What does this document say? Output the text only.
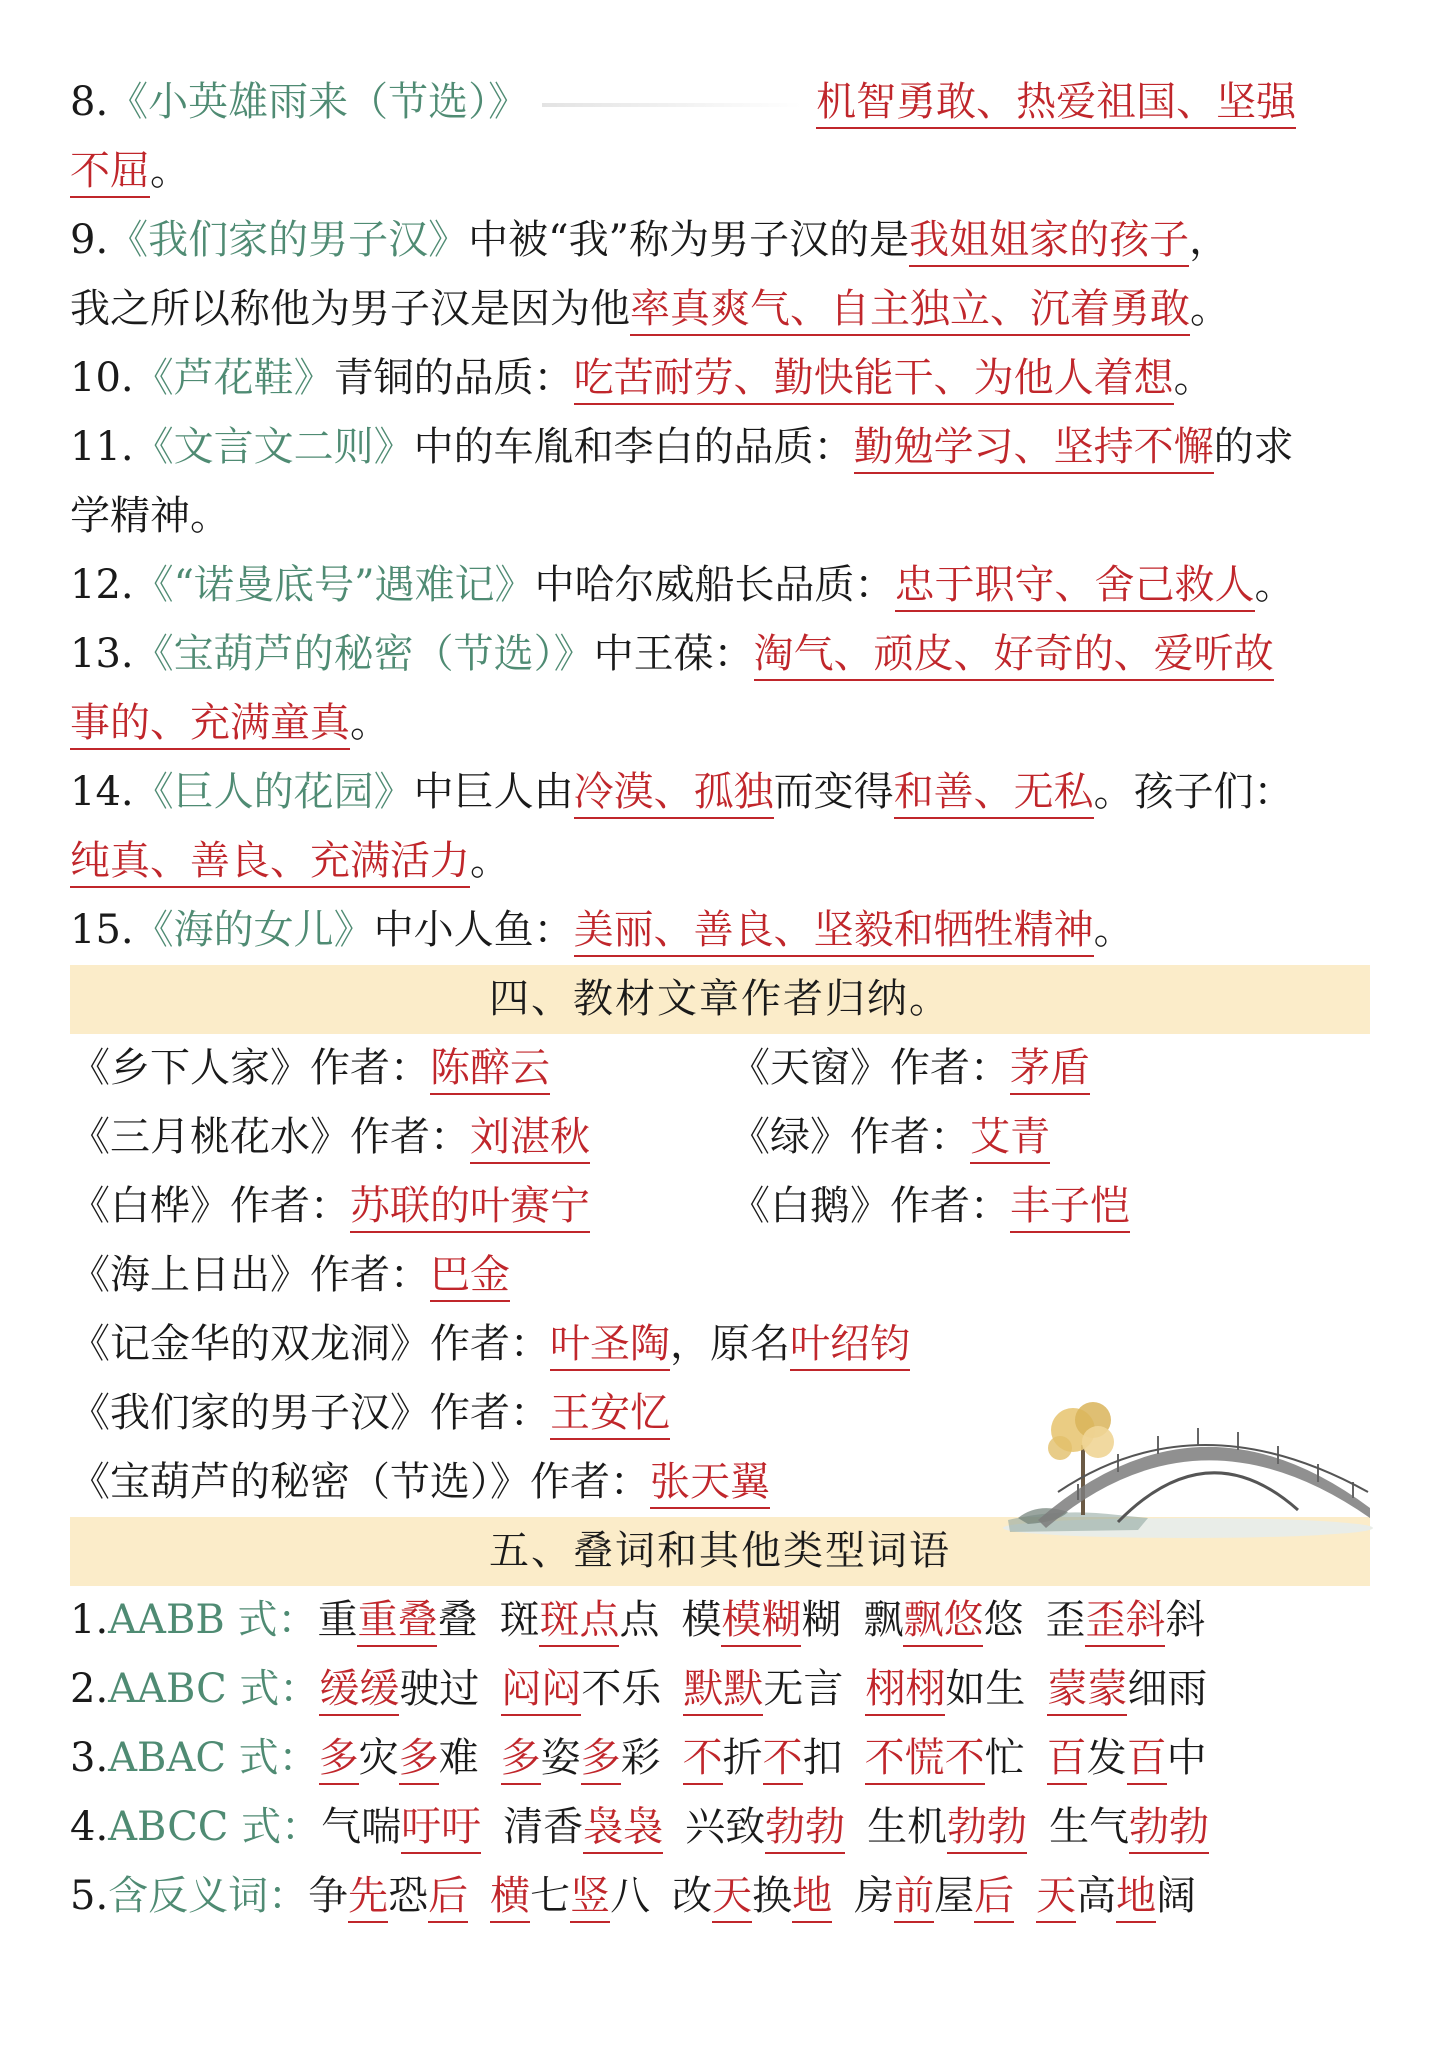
8.《小英雄雨来（节选）》	机智勇敢、热爱祖国、坚强
不屈。
9.《我们家的男子汉》中被“我”称为男子汉的是我姐姐家的孩子，
我之所以称他为男子汉是因为他率真爽气、自主独立、沉着勇敢。
10.《芦花鞋》青铜的品质：吃苦耐劳、勤快能干、为他人着想。
11.《文言文二则》中的车胤和李白的品质：勤勉学习、坚持不懈的求
学精神。
12.《“诺曼底号”遇难记》中哈尔威船长品质：忠于职守、舍己救人。
13.《宝葫芦的秘密（节选）》中王葆：淘气、顽皮、好奇的、爱听故
事的、充满童真。
14.《巨人的花园》中巨人由冷漠、孤独而变得和善、无私。孩子们：
纯真、善良、充满活力。
15.《海的女儿》中小人鱼：美丽、善良、坚毅和牺牲精神。
四、教材文章作者归纳。
《乡下人家》作者：陈醉云	《天窗》作者：茅盾
《三月桃花水》作者：刘湛秋	《绿》作者：艾青
《白桦》作者：苏联的叶赛宁	《白鹅》作者：丰子恺
《海上日出》作者：巴金
《记金华的双龙洞》作者：叶圣陶，原名叶绍钧
《我们家的男子汉》作者：王安忆
《宝葫芦的秘密（节选）》作者：张天翼
五、叠词和其他类型词语
1.AABB 式：重重叠叠 斑斑点点 模模糊糊 飘飘悠悠 歪歪斜斜
2.AABC 式：缓缓驶过 闷闷不乐 默默无言 栩栩如生 蒙蒙细雨
3.ABAC 式：多灾多难 多姿多彩 不折不扣 不慌不忙 百发百中
4.ABCC 式：气喘吁吁 清香袅袅 兴致勃勃 生机勃勃 生气勃勃
5.含反义词：争先恐后 横七竖八 改天换地 房前屋后 天高地阔
